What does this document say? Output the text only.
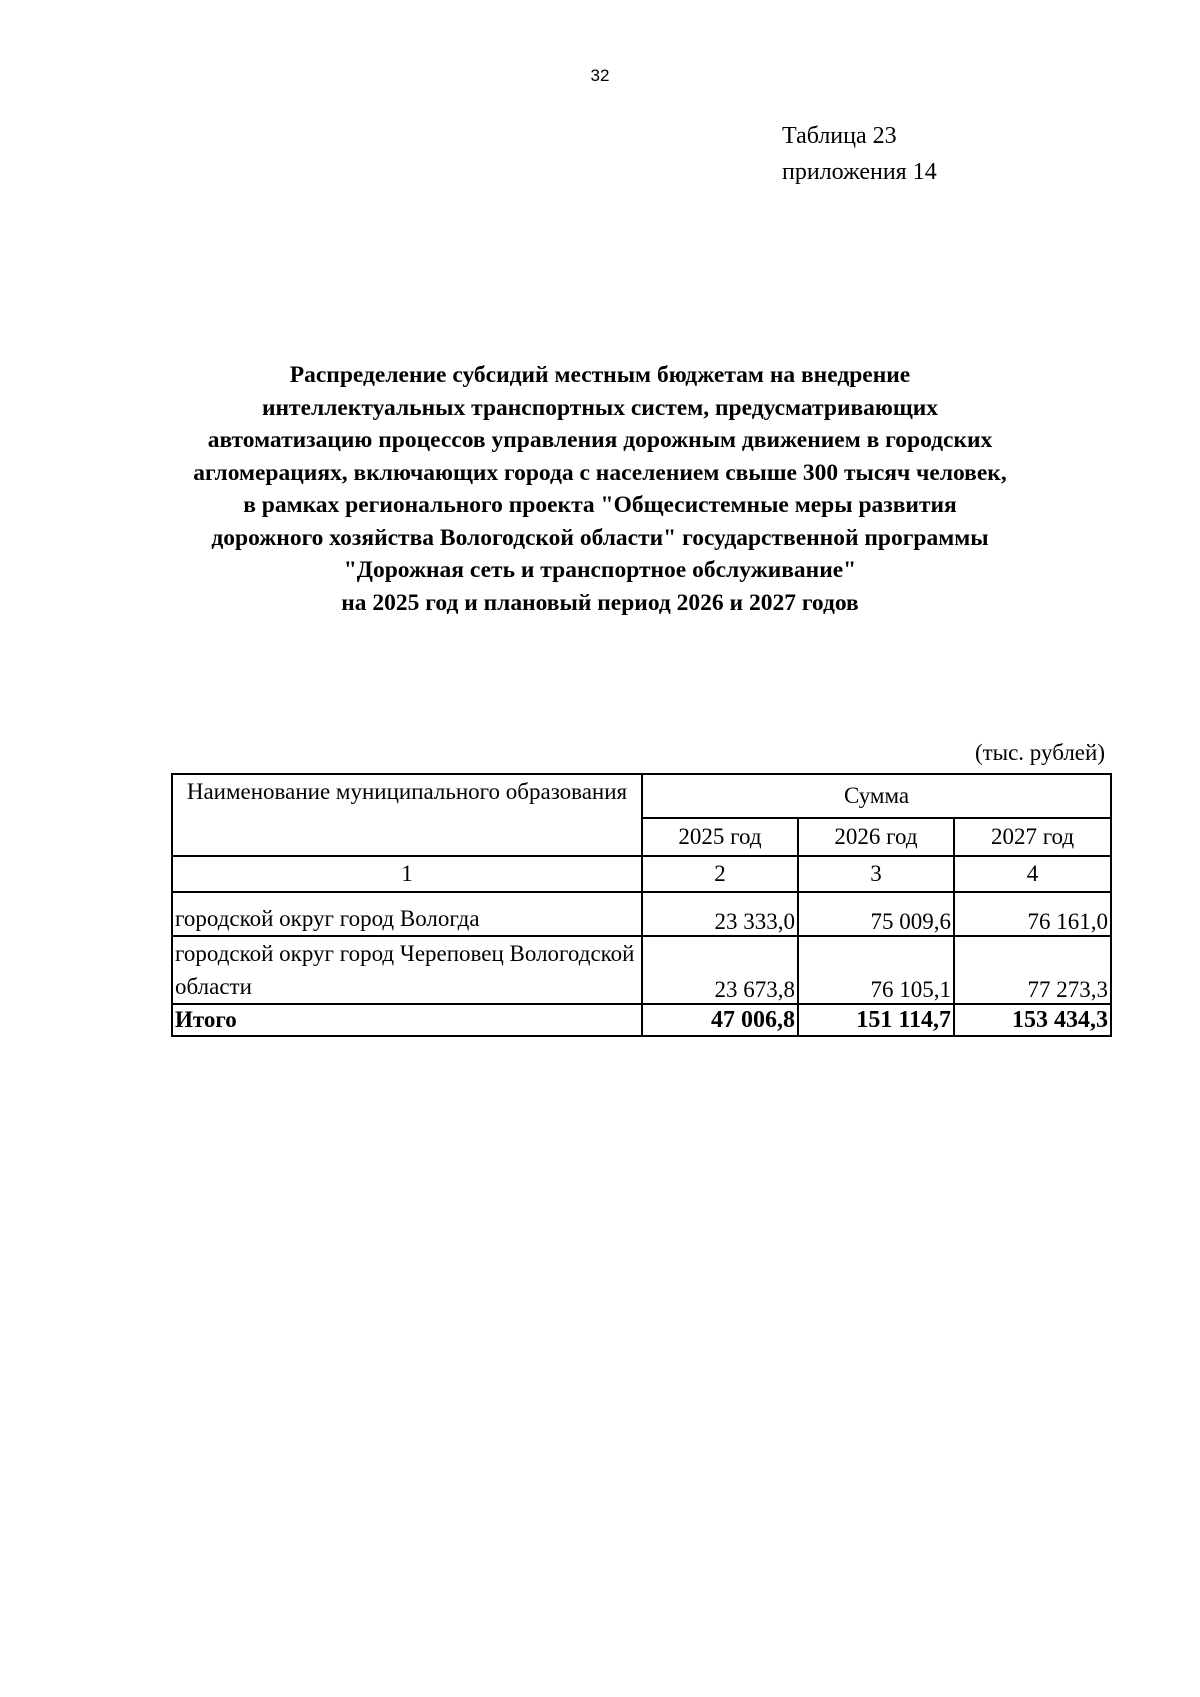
32
Таблица 23
приложения 14
Распределение субсидий местным бюджетам на внедрение
интеллектуальных транспортных систем, предусматривающих
автоматизацию процессов управления дорожным движением в городских
агломерациях, включающих города с населением свыше 300 тысяч человек,
в рамках регионального проекта "Общесистемные меры развития
дорожного хозяйства Вологодской области" государственной программы
"Дорожная сеть и транспортное обслуживание"
на 2025 год и плановый период 2026 и 2027 годов
(тыс. рублей)
Наименование муниципального образования	Сумма		
	2025 год	2026 год	2027 год
1	2	3	4
городской округ город Вологда	23 333,0	75 009,6	76 161,0
городской округ город Череповец Вологодской области	23 673,8	76 105,1	77 273,3
Итого	47 006,8	151 114,7	153 434,3
